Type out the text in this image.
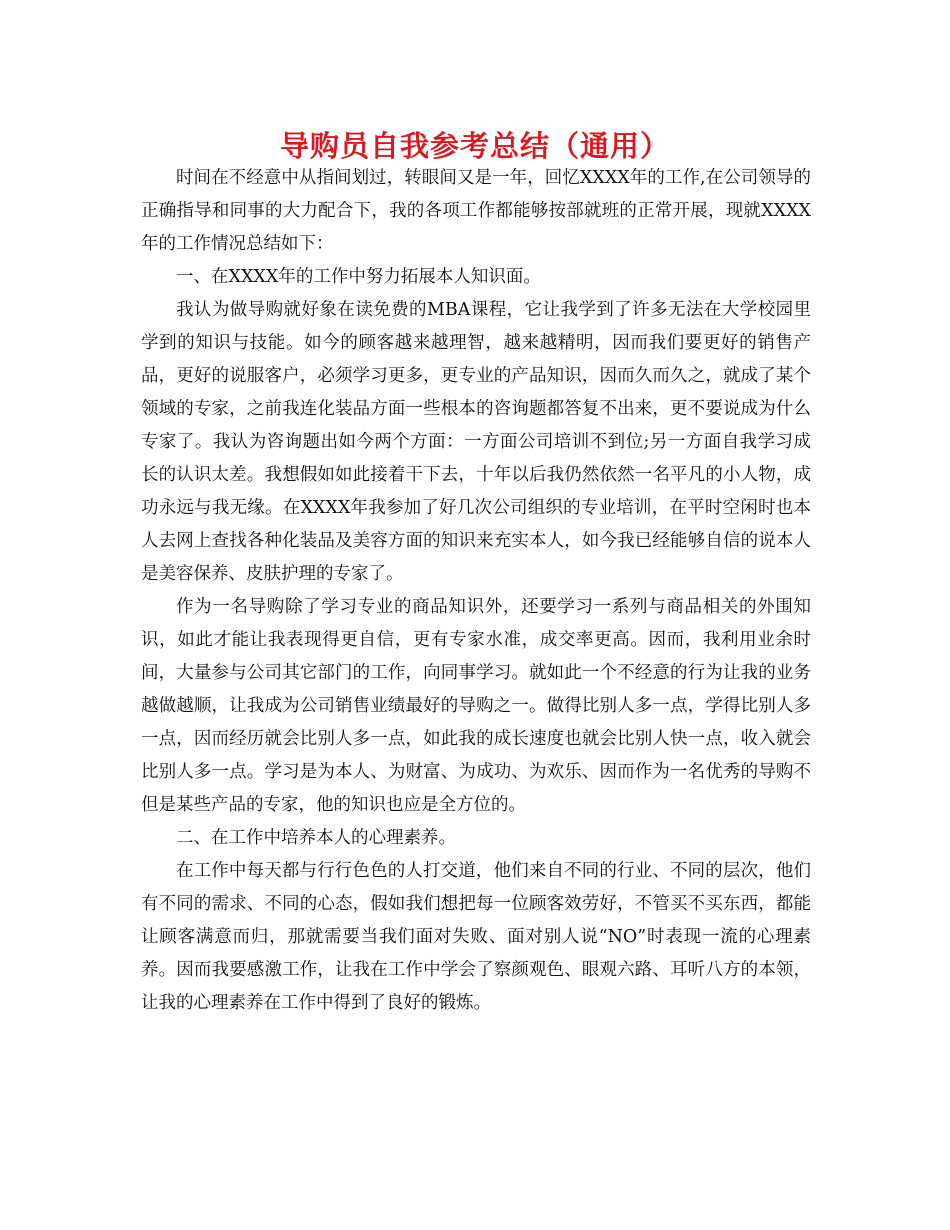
导购员自我参考总结（通用）

时间在不经意中从指间划过，转眼间又是一年，回忆XXXX年的工作,在公司领导的正确指导和同事的大力配合下，我的各项工作都能够按部就班的正常开展，现就XXXX年的工作情况总结如下：

一、在XXXX年的工作中努力拓展本人知识面。

我认为做导购就好象在读免费的MBA课程，它让我学到了许多无法在大学校园里学到的知识与技能。如今的顾客越来越理智，越来越精明，因而我们要更好的销售产品，更好的说服客户，必须学习更多，更专业的产品知识，因而久而久之，就成了某个领域的专家，之前我连化装品方面一些根本的咨询题都答复不出来，更不要说成为什么专家了。我认为咨询题出如今两个方面：一方面公司培训不到位;另一方面自我学习成长的认识太差。我想假如如此接着干下去，十年以后我仍然依然一名平凡的小人物，成功永远与我无缘。在XXXX年我参加了好几次公司组织的专业培训，在平时空闲时也本人去网上查找各种化装品及美容方面的知识来充实本人，如今我已经能够自信的说本人是美容保养、皮肤护理的专家了。

作为一名导购除了学习专业的商品知识外，还要学习一系列与商品相关的外围知识，如此才能让我表现得更自信，更有专家水准，成交率更高。因而，我利用业余时间，大量参与公司其它部门的工作，向同事学习。就如此一个不经意的行为让我的业务越做越顺，让我成为公司销售业绩最好的导购之一。做得比别人多一点，学得比别人多一点，因而经历就会比别人多一点，如此我的成长速度也就会比别人快一点，收入就会比别人多一点。学习是为本人、为财富、为成功、为欢乐、因而作为一名优秀的导购不但是某些产品的专家，他的知识也应是全方位的。

二、在工作中培养本人的心理素养。

在工作中每天都与行行色色的人打交道，他们来自不同的行业、不同的层次，他们有不同的需求、不同的心态，假如我们想把每一位顾客效劳好，不管买不买东西，都能让顾客满意而归，那就需要当我们面对失败、面对别人说“NO”时表现一流的心理素养。因而我要感激工作，让我在工作中学会了察颜观色、眼观六路、耳听八方的本领，让我的心理素养在工作中得到了良好的锻炼。
